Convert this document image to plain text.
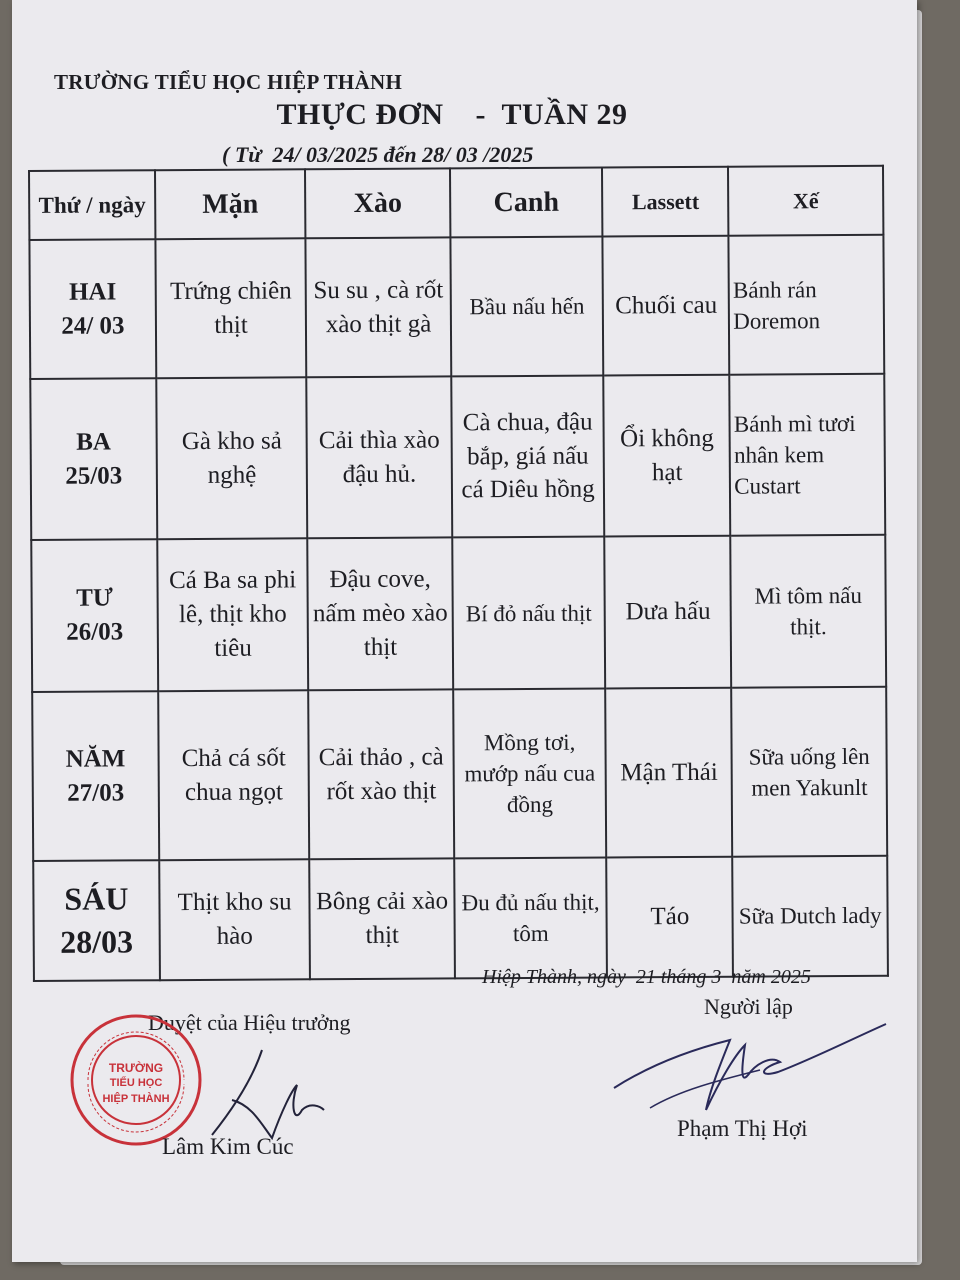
TRƯỜNG TIỂU HỌC HIỆP THÀNH
THỰC ĐƠN    -  TUẦN 29
( Từ  24/ 03/2025 đến 28/ 03 /2025
Thứ / ngày	Mặn	Xào	Canh	Lassett	Xế
HAI
24/ 03	Trứng chiên thịt	Su su , cà rốt xào thịt gà	Bầu nấu hến	Chuối cau	Bánh rán Doremon
BA
25/03	Gà kho sả nghệ	Cải thìa xào đậu hủ.	Cà chua, đậu bắp, giá nấu cá Diêu hồng	Ổi không hạt	Bánh mì tươi nhân kem Custart
TƯ
26/03	Cá Ba sa phi lê, thịt kho tiêu	Đậu cove, nấm mèo xào thịt	Bí đỏ nấu thịt	Dưa hấu	Mì tôm nấu thịt.
NĂM
27/03	Chả cá sốt chua ngọt	Cải thảo , cà rốt xào thịt	Mồng tơi, mướp nấu cua đồng	Mận Thái	Sữa uống lên men Yakunlt
SÁU
28/03	Thịt kho su hào	Bông cải xào thịt	Đu đủ nấu thịt, tôm	Táo	Sữa Dutch lady
Hiệp Thành, ngày  21 tháng 3  năm 2025
Người lập
Duyệt của Hiệu trưởng
TRƯỜNG
TIỂU HỌC
HIỆP THÀNH
Lâm Kim Cúc
Phạm Thị Hợi
